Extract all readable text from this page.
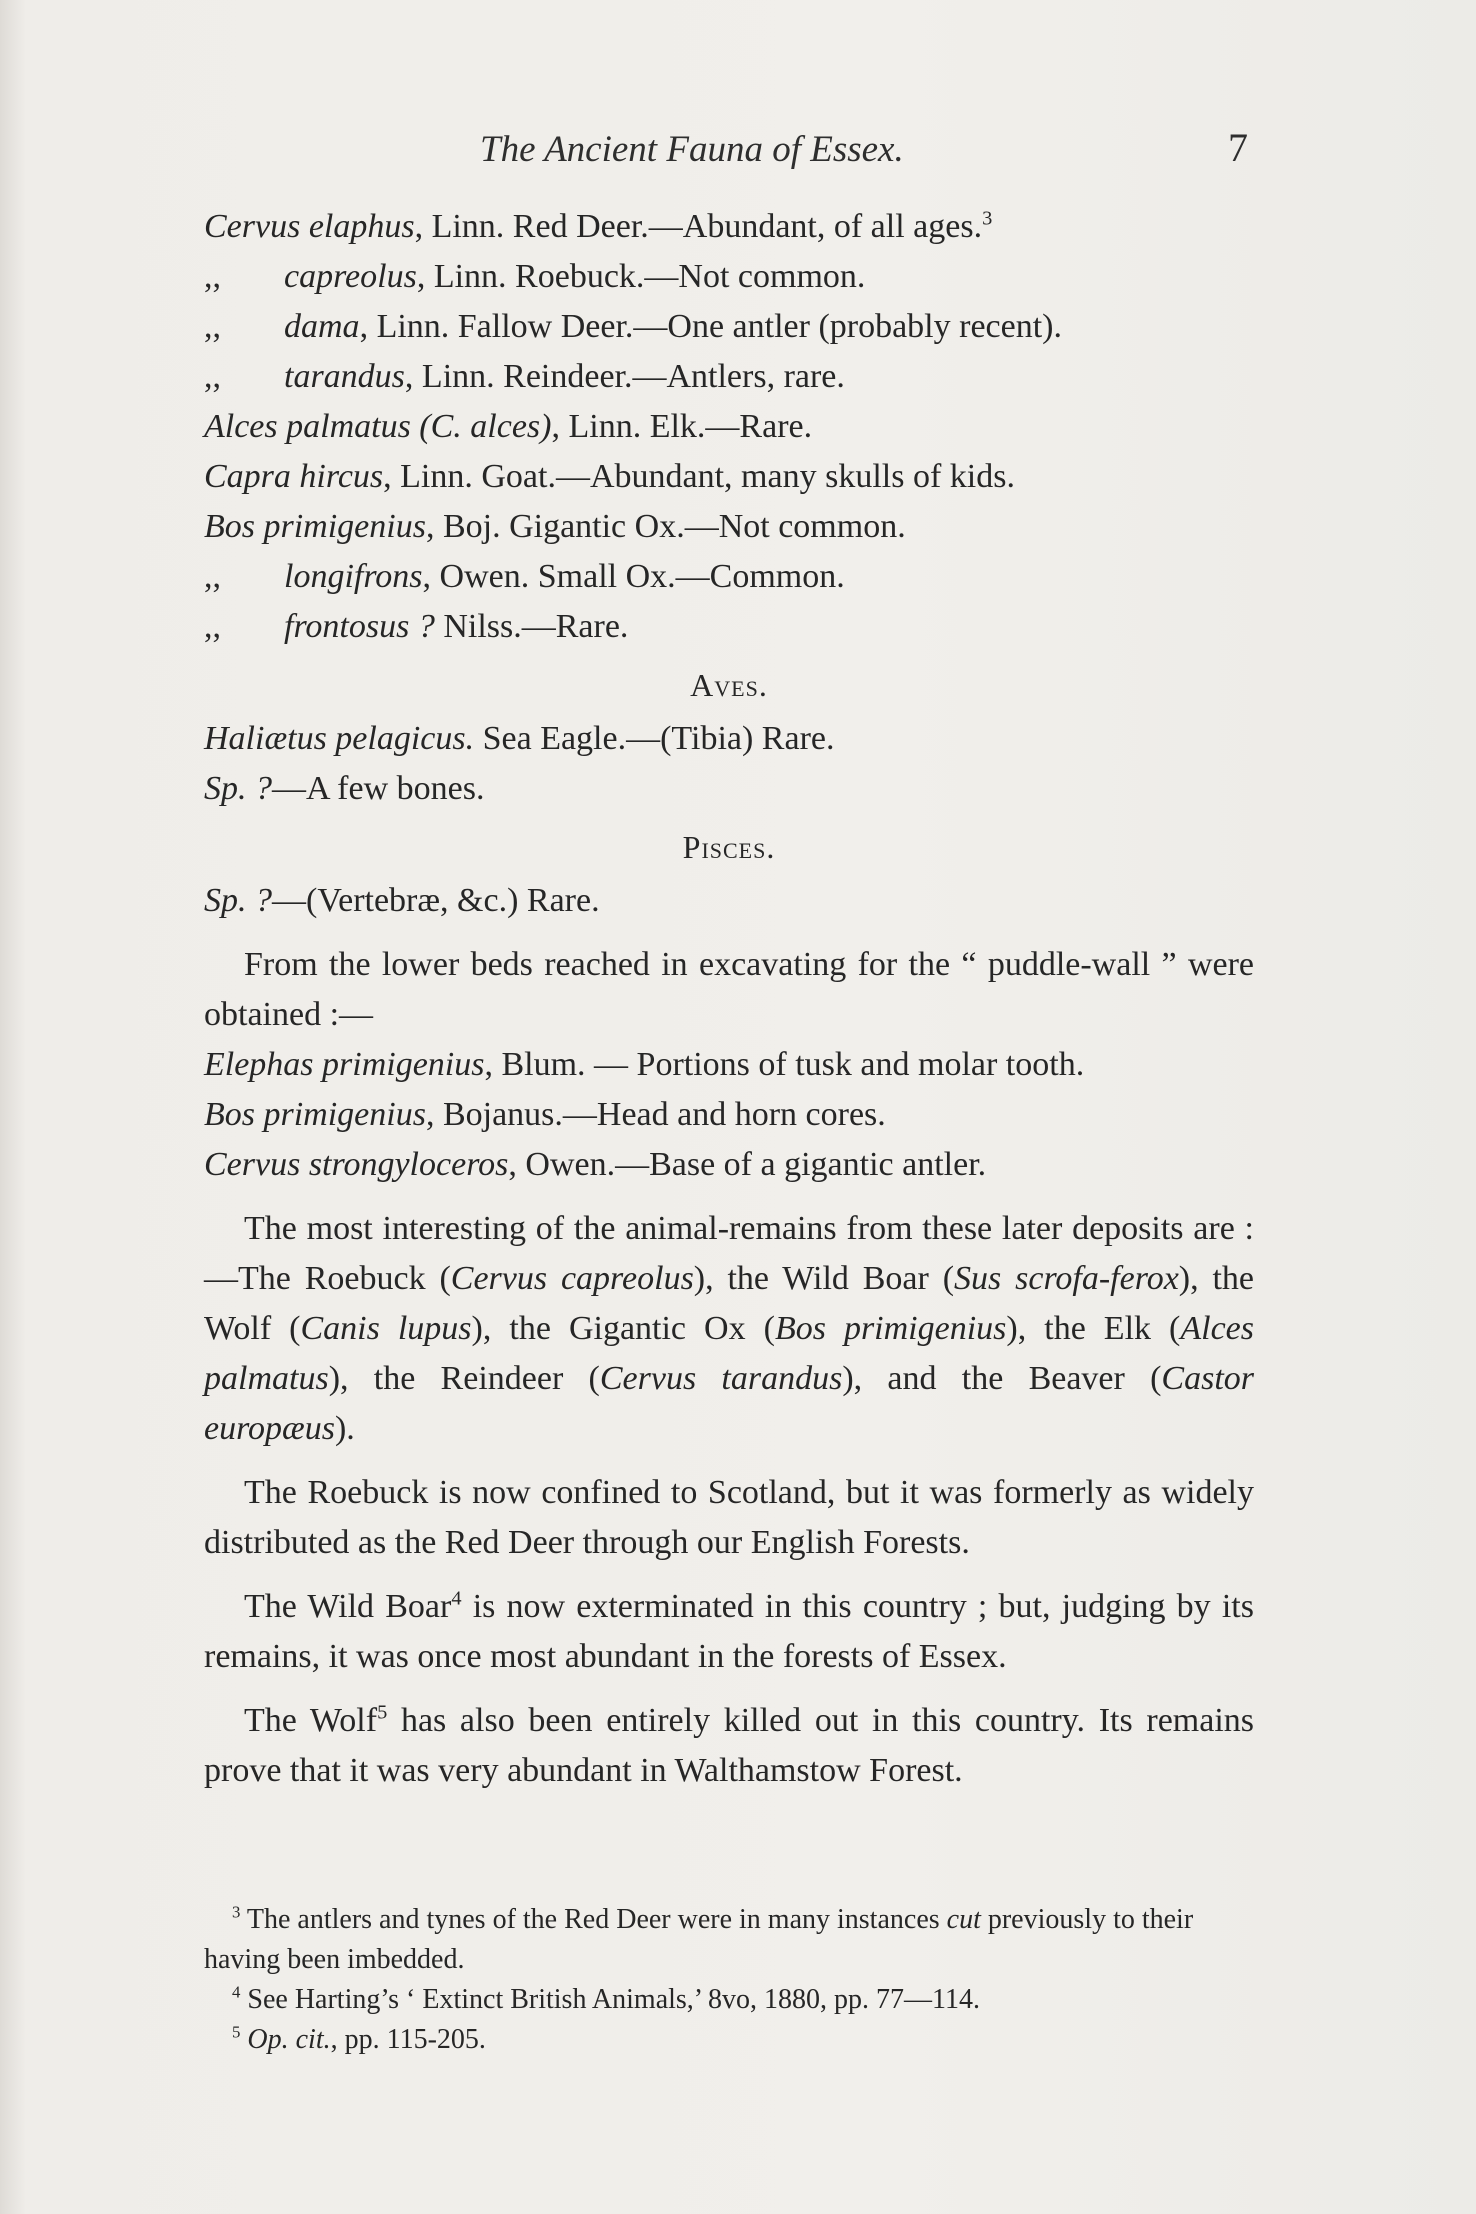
The Ancient Fauna of Essex.	7

Cervus elaphus, Linn. Red Deer.—Abundant, of all ages.$^3$

,, capreolus, Linn. Roebuck.—Not common.

,, dama, Linn. Fallow Deer.—One antler (probably recent).

,, tarandus, Linn. Reindeer.—Antlers, rare.

Alces palmatus (C. alces), Linn. Elk.—Rare.

Capra hircus, Linn. Goat.—Abundant, many skulls of kids.

Bos primigenius, Boj. Gigantic Ox.—Not common.

,, longifrons, Owen. Small Ox.—Common.

,, frontosus ? Nilss.—Rare.

Aves.

Haliætus pelagicus. Sea Eagle.—(Tibia) Rare.

Sp. ?—A few bones.

Pisces.

Sp. ?—(Vertebræ, &c.) Rare.

From the lower beds reached in excavating for the “ puddle-wall ” were obtained :—

Elephas primigenius, Blum. — Portions of tusk and molar tooth.

Bos primigenius, Bojanus.—Head and horn cores.

Cervus strongyloceros, Owen.—Base of a gigantic antler.

The most interesting of the animal-remains from these later deposits are :—The Roebuck (Cervus capreolus), the Wild Boar (Sus scrofa-ferox), the Wolf (Canis lupus), the Gigantic Ox (Bos primigenius), the Elk (Alces palmatus), the Reindeer (Cervus tarandus), and the Beaver (Castor europæus).

The Roebuck is now confined to Scotland, but it was formerly as widely distributed as the Red Deer through our English Forests.

The Wild Boar$^4$ is now exterminated in this country ; but, judging by its remains, it was once most abundant in the forests of Essex.

The Wolf$^5$ has also been entirely killed out in this country. Its remains prove that it was very abundant in Walthamstow Forest.

$^3$ The antlers and tynes of the Red Deer were in many instances cut previously to their having been imbedded.

$^4$ See Harting’s ‘ Extinct British Animals,’ 8vo, 1880, pp. 77—114.

$^5$ Op. cit., pp. 115-205.
